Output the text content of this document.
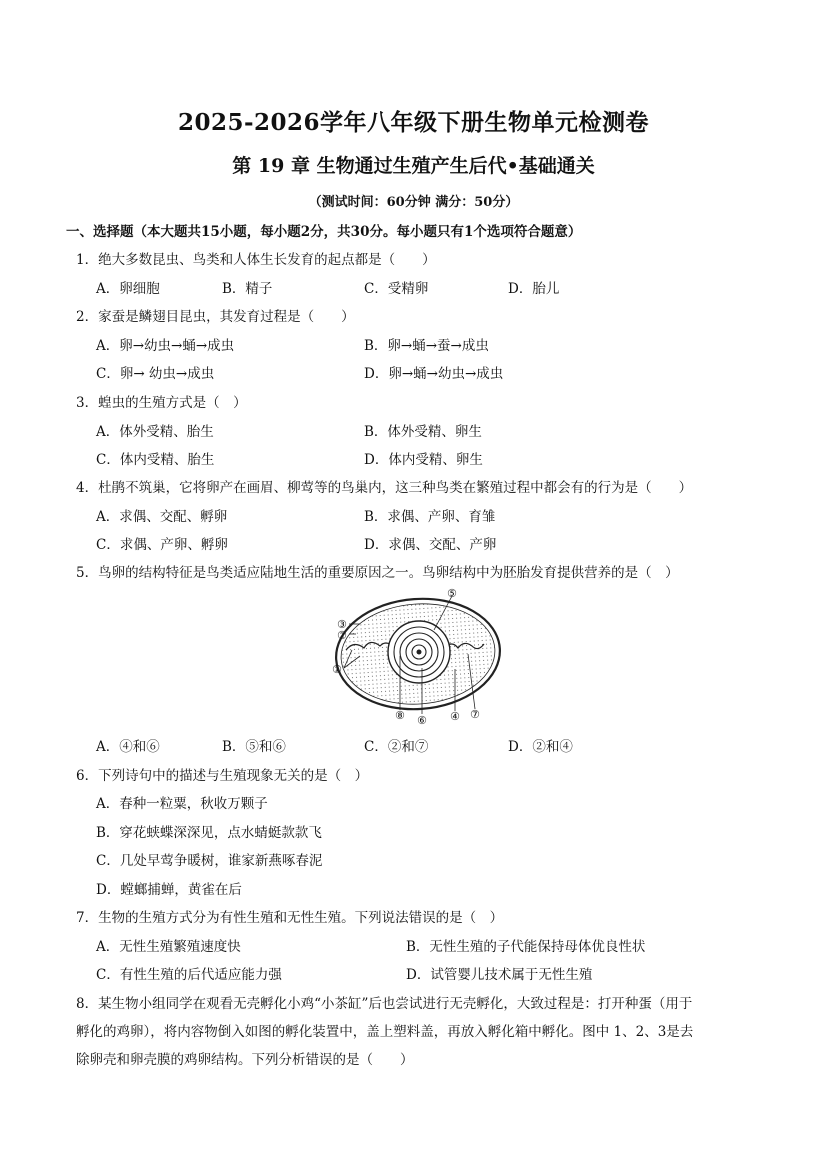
2025-2026学年八年级下册生物单元检测卷
第 19 章 生物通过生殖产生后代•基础通关
（测试时间：60分钟 满分：50分）
一、选择题（本大题共15小题，每小题2分，共30分。每小题只有1个选项符合题意）
1．绝大多数昆虫、鸟类和人体生长发育的起点都是（　　）
A．卵细胞	B．精子	C．受精卵	D．胎儿
2．家蚕是鳞翅目昆虫，其发育过程是（　　）
A．卵→幼虫→蛹→成虫	B．卵→蛹→蚕→成虫
C．卵→ 幼虫→成虫	D．卵→蛹→幼虫→成虫
3．蝗虫的生殖方式是（　）
A．体外受精、胎生	B．体外受精、卵生
C．体内受精、胎生	D．体内受精、卵生
4．杜鹃不筑巢，它将卵产在画眉、柳莺等的鸟巢内，这三种鸟类在繁殖过程中都会有的行为是（　　）
A．求偶、交配、孵卵	B．求偶、产卵、育雏
C．求偶、产卵、孵卵	D．求偶、交配、产卵
5．鸟卵的结构特征是鸟类适应陆地生活的重要原因之一。鸟卵结构中为胚胎发育提供营养的是（　）
③
②
①
⑤
⑧ ⑥ ④ ⑦
A．④和⑥	B．⑤和⑥	C．②和⑦	D．②和④
6．下列诗句中的描述与生殖现象无关的是（　）
A．春种一粒粟，秋收万颗子
B．穿花蛱蝶深深见，点水蜻蜓款款飞
C．几处早莺争暖树，谁家新燕啄春泥
D．螳螂捕蝉，黄雀在后
7．生物的生殖方式分为有性生殖和无性生殖。下列说法错误的是（　）
A．无性生殖繁殖速度快	B．无性生殖的子代能保持母体优良性状
C．有性生殖的后代适应能力强	D．试管婴儿技术属于无性生殖
8．某生物小组同学在观看无壳孵化小鸡“小茶缸”后也尝试进行无壳孵化，大致过程是：打开种蛋（用于
孵化的鸡卵），将内容物倒入如图的孵化装置中，盖上塑料盖，再放入孵化箱中孵化。图中 1、2、3是去
除卵壳和卵壳膜的鸡卵结构。下列分析错误的是（　　）
